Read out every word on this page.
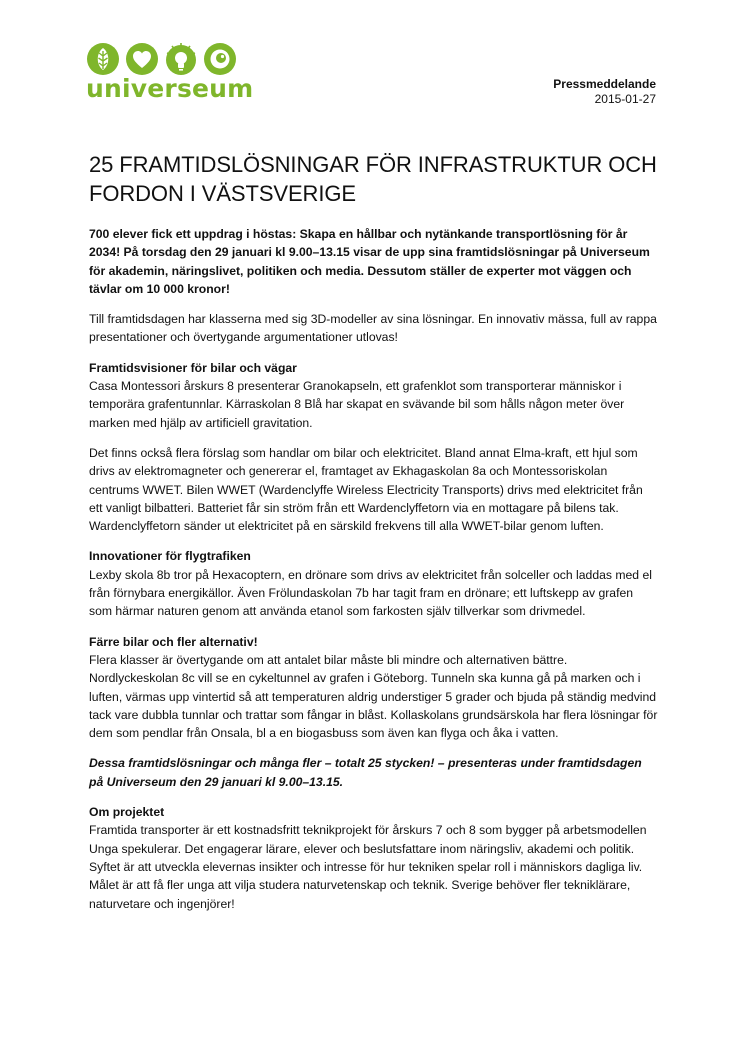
universeum	Pressmeddelande
2015-01-27
25 FRAMTIDSLÖSNINGAR FÖR INFRASTRUKTUR OCH FORDON I VÄSTSVERIGE

700 elever fick ett uppdrag i höstas: Skapa en hållbar och nytänkande transportlösning för år 2034! På torsdag den 29 januari kl 9.00–13.15 visar de upp sina framtidslösningar på Universeum för akademin, näringslivet, politiken och media. Dessutom ställer de experter mot väggen och tävlar om 10 000 kronor!

Till framtidsdagen har klasserna med sig 3D-modeller av sina lösningar. En innovativ mässa, full av rappa presentationer och övertygande argumentationer utlovas!

Framtidsvisioner för bilar och vägar
Casa Montessori årskurs 8 presenterar Granokapseln, ett grafenklot som transporterar människor i temporära grafentunnlar. Kärraskolan 8 Blå har skapat en svävande bil som hålls någon meter över marken med hjälp av artificiell gravitation.

Det finns också flera förslag som handlar om bilar och elektricitet. Bland annat Elma-kraft, ett hjul som drivs av elektromagneter och genererar el, framtaget av Ekhagaskolan 8a och Montessoriskolan centrums WWET. Bilen WWET (Wardenclyffe Wireless Electricity Transports) drivs med elektricitet från ett vanligt bilbatteri. Batteriet får sin ström från ett Wardenclyffetorn via en mottagare på bilens tak. Wardenclyffetorn sänder ut elektricitet på en särskild frekvens till alla WWET-bilar genom luften.

Innovationer för flygtrafiken
Lexby skola 8b tror på Hexacoptern, en drönare som drivs av elektricitet från solceller och laddas med el från förnybara energikällor. Även Frölundaskolan 7b har tagit fram en drönare; ett luftskepp av grafen som härmar naturen genom att använda etanol som farkosten själv tillverkar som drivmedel.

Färre bilar och fler alternativ!
Flera klasser är övertygande om att antalet bilar måste bli mindre och alternativen bättre. Nordlyckeskolan 8c vill se en cykeltunnel av grafen i Göteborg. Tunneln ska kunna gå på marken och i luften, värmas upp vintertid så att temperaturen aldrig understiger 5 grader och bjuda på ständig medvind tack vare dubbla tunnlar och trattar som fångar in blåst. Kollaskolans grundsärskola har flera lösningar för dem som pendlar från Onsala, bl a en biogasbuss som även kan flyga och åka i vatten.

Dessa framtidslösningar och många fler – totalt 25 stycken! – presenteras under framtidsdagen på Universeum den 29 januari kl 9.00–13.15.

Om projektet
Framtida transporter är ett kostnadsfritt teknikprojekt för årskurs 7 och 8 som bygger på arbetsmodellen Unga spekulerar. Det engagerar lärare, elever och beslutsfattare inom näringsliv, akademi och politik. Syftet är att utveckla elevernas insikter och intresse för hur tekniken spelar roll i människors dagliga liv. Målet är att få fler unga att vilja studera naturvetenskap och teknik. Sverige behöver fler tekniklärare, naturvetare och ingenjörer!
